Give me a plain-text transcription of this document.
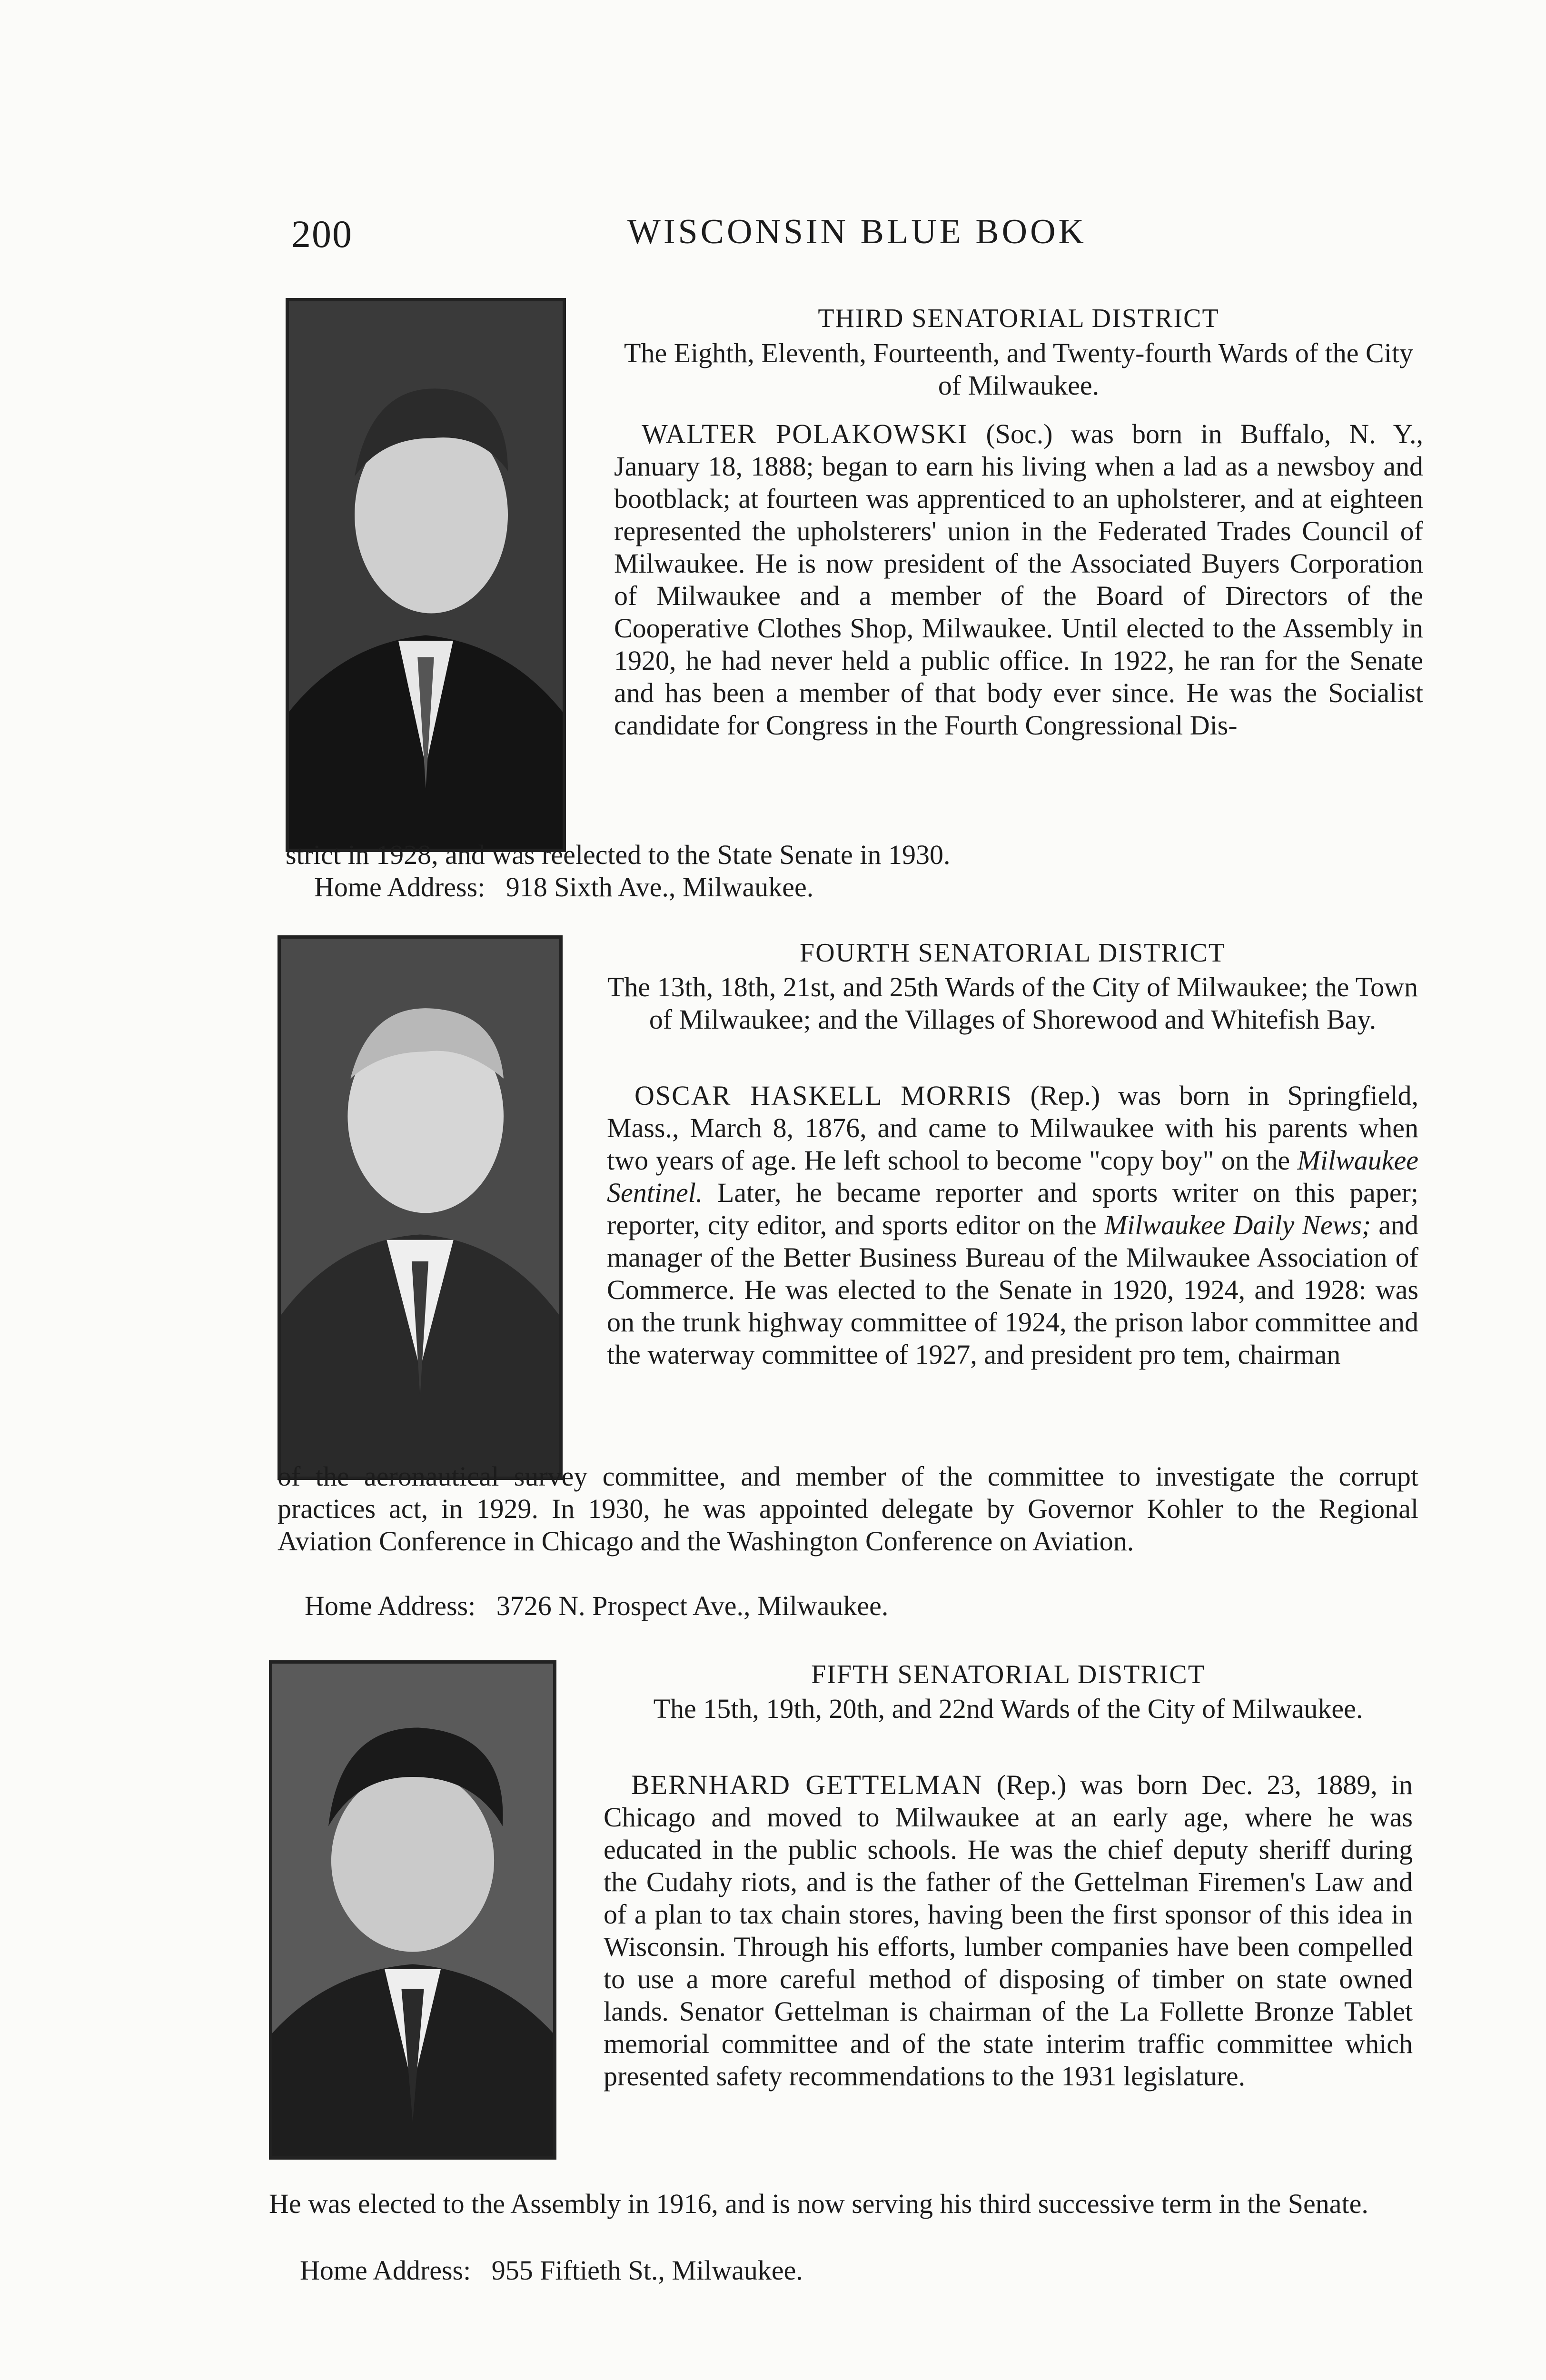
200	WISCONSIN BLUE BOOK

THIRD SENATORIAL DISTRICT

The Eighth, Eleventh, Fourteenth, and Twenty-fourth Wards of the City of Milwaukee.

WALTER POLAKOWSKI (Soc.) was born in Buffalo, N. Y., January 18, 1888; began to earn his living when a lad as a newsboy and bootblack; at fourteen was apprenticed to an upholsterer, and at eighteen represented the upholsterers' union in the Federated Trades Council of Milwaukee. He is now president of the Associated Buyers Corporation of Milwaukee and a member of the Board of Directors of the Cooperative Clothes Shop, Milwaukee. Until elected to the Assembly in 1920, he had never held a public office. In 1922, he ran for the Senate and has been a member of that body ever since. He was the Socialist candidate for Congress in the Fourth Congressional Dis-

strict in 1928, and was reelected to the State Senate in 1930.

Home Address: 918 Sixth Ave., Milwaukee.

FOURTH SENATORIAL DISTRICT

The 13th, 18th, 21st, and 25th Wards of the City of Milwaukee; the Town of Milwaukee; and the Villages of Shorewood and Whitefish Bay.

OSCAR HASKELL MORRIS (Rep.) was born in Springfield, Mass., March 8, 1876, and came to Milwaukee with his parents when two years of age. He left school to become "copy boy" on the Milwaukee Sentinel. Later, he became reporter and sports writer on this paper; reporter, city editor, and sports editor on the Milwaukee Daily News; and manager of the Better Business Bureau of the Milwaukee Association of Commerce. He was elected to the Senate in 1920, 1924, and 1928: was on the trunk highway committee of 1924, the prison labor committee and the waterway committee of 1927, and president pro tem, chairman

of the aeronautical survey committee, and member of the committee to investigate the corrupt practices act, in 1929. In 1930, he was appointed delegate by Governor Kohler to the Regional Aviation Conference in Chicago and the Washington Conference on Aviation.

Home Address: 3726 N. Prospect Ave., Milwaukee.

FIFTH SENATORIAL DISTRICT

The 15th, 19th, 20th, and 22nd Wards of the City of Milwaukee.

BERNHARD GETTELMAN (Rep.) was born Dec. 23, 1889, in Chicago and moved to Milwaukee at an early age, where he was educated in the public schools. He was the chief deputy sheriff during the Cudahy riots, and is the father of the Gettelman Firemen's Law and of a plan to tax chain stores, having been the first sponsor of this idea in Wisconsin. Through his efforts, lumber companies have been compelled to use a more careful method of disposing of timber on state owned lands. Senator Gettelman is chairman of the La Follette Bronze Tablet memorial committee and of the state interim traffic committee which presented safety recommendations to the 1931 legislature.

He was elected to the Assembly in 1916, and is now serving his third successive term in the Senate.

Home Address: 955 Fiftieth St., Milwaukee.
